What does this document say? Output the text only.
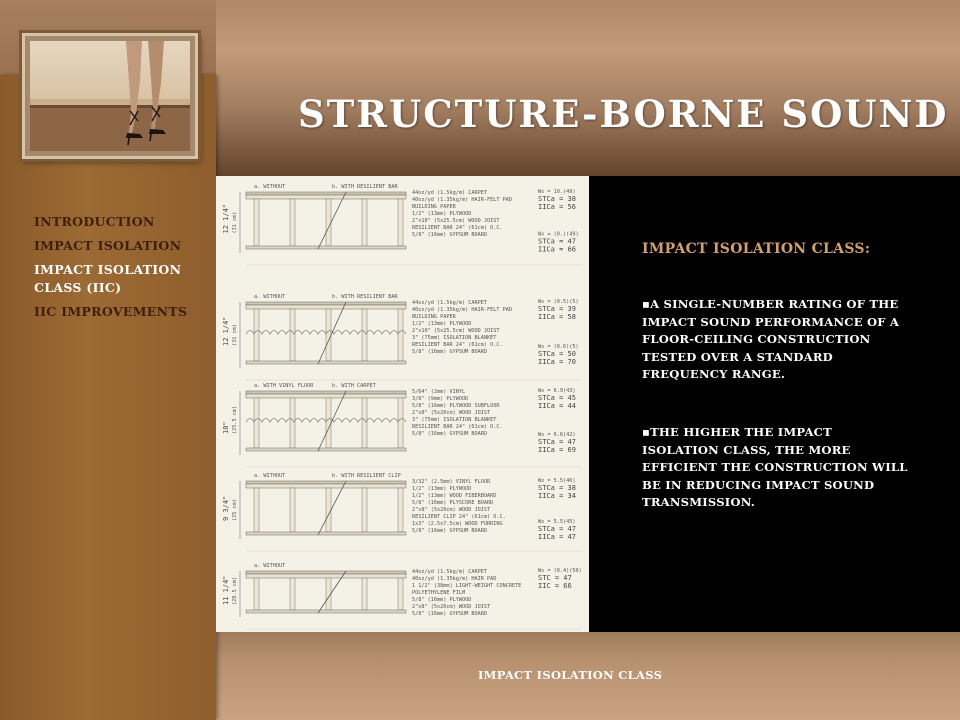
INTRODUCTION
IMPACT ISOLATION
IMPACT ISOLATION CLASS (IIC)
IIC IMPROVEMENTS
STRUCTURE-BORNE SOUND
a. WITHOUT	b. WITH RESILIENT BAR
12 1/4" (31 cm)
44oz/yd (1.5kg/m) CARPET
40oz/yd (1.35kg/m) HAIR-FELT PAD
BUILDING PAPER
1/2" (13mm) PLYWOOD
2"x10" (5x25.5cm) WOOD JOIST
RESILIENT BAR 24" (61cm) O.C.
5/8" (16mm) GYPSUM BOARD
Wx = 10.(49)
STCa = 38
IICa = 56
Wx = (0.)(49)
STCa = 47
IICa = 66
a. WITHOUT	b. WITH RESILIENT BAR
12 1/4" (31 cm)
44oz/yd (1.5kg/m) CARPET
40oz/yd (1.35kg/m) HAIR-FELT PAD
BUILDING PAPER
1/2" (13mm) PLYWOOD
2"x10" (5x25.5cm) WOOD JOIST
3" (75mm) ISOLATION BLANKET
RESILIENT BAR 24" (61cm) O.C.
5/8" (16mm) GYPSUM BOARD
Wx = (0.5)(5)
STCa = 39
IICa = 58
Wx = (0.6)(5)
STCa = 50
IICa = 70
a. WITH VINYL FLOOR	b. WITH CARPET
10" (25.5 cm)
5/64" (2mm) VINYL
3/8" (9mm) PLYWOOD
5/8" (16mm) PLYWOOD SUBFLOOR
2"x8" (5x20cm) WOOD JOIST
3" (75mm) ISOLATION BLANKET
RESILIENT BAR 24" (61cm) O.C.
5/8" (16mm) GYPSUM BOARD
Wx = 6.9(43)
STCa = 45
IICa = 44
Wx = 6.6(42)
STCa = 47
IICa = 69
a. WITHOUT	b. WITH RESILIENT CLIP
9 3/4" (25 cm)
3/32" (2.5mm) VINYL FLOOR
1/2" (13mm) PLYWOOD
1/2" (13mm) WOOD FIBERBOARD
5/8" (16mm) PLYSCORE BOARD
2"x8" (5x20cm) WOOD JOIST
RESILIENT CLIP 24" (61cm) O.C.
1x3" (2.5x7.5cm) WOOD FURRING
5/8" (16mm) GYPSUM BOARD
Wx = 5.5(46)
STCa = 38
IICa = 34
Wx = 5.5(45)
STCa = 47
IICa = 47
a. WITHOUT
11 1/4" (28.5 cm)
44oz/yd (1.5kg/m) CARPET
40oz/yd (1.35kg/m) HAIR PAD
1 1/2" (38mm) LIGHT-WEIGHT CONCRETE
POLYETHYLENE FILM
5/8" (16mm) PLYWOOD
2"x8" (5x20cm) WOOD JOIST
5/8" (16mm) GYPSUM BOARD
Wx = (0.4)(50)
STC = 47
IIC = 66
IMPACT ISOLATION CLASS:
▪A SINGLE-NUMBER RATING OF THE IMPACT SOUND PERFORMANCE OF A FLOOR-CEILING CONSTRUCTION TESTED OVER A STANDARD FREQUENCY RANGE.
▪THE HIGHER THE IMPACT ISOLATION CLASS, THE MORE EFFICIENT THE CONSTRUCTION WILL BE IN REDUCING IMPACT SOUND TRANSMISSION.
IMPACT ISOLATION CLASS
